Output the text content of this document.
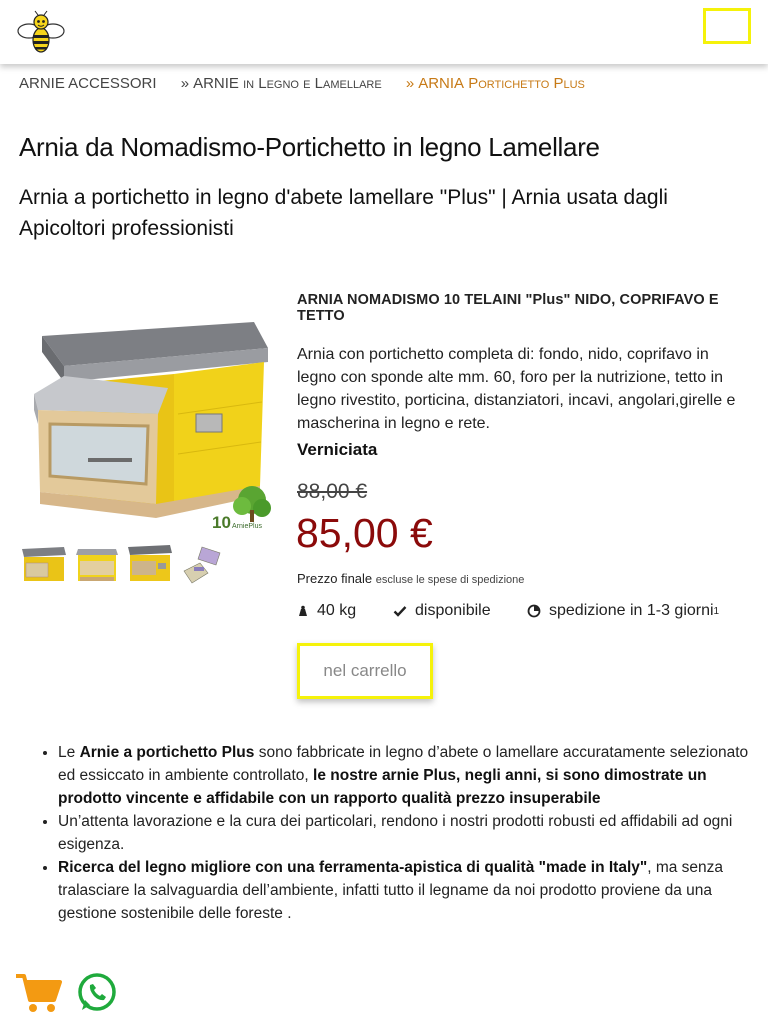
ARNIE ACCESSORI » ARNIE in Legno e Lamellare » ARNIA Portichetto Plus
Arnia da Nomadismo-Portichetto in legno Lamellare
Arnia a portichetto in legno d'abete lamellare "Plus" | Arnia usata dagli Apicoltori professionisti
10 ArniePlus
ARNIA NOMADISMO 10 TELAINI "Plus" NIDO, COPRIFAVO E TETTO

Arnia con portichetto completa di: fondo, nido, coprifavo in legno con sponde alte mm. 60, foro per la nutrizione, tetto in legno rivestito, porticina, distanziatori, incavi, angolari,girelle e mascherina in legno e rete.

Verniciata
88,00 €
85,00 €
Prezzo finale escluse le spese di spedizione
40 kg	disponibile	spedizione in 1-3 giorni 1
nel carrello
• Le Arnie a portichetto Plus sono fabbricate in legno d’abete o lamellare accuratamente selezionato ed essiccato in ambiente controllato, le nostre arnie Plus, negli anni, si sono dimostrate un prodotto vincente e affidabile con un rapporto qualità prezzo insuperabile
• Un’attenta lavorazione e la cura dei particolari, rendono i nostri prodotti robusti ed affidabili ad ogni esigenza.
• Ricerca del legno migliore con una ferramenta-apistica di qualità "made in Italy", ma senza tralasciare la salvaguardia dell’ambiente, infatti tutto il legname da noi prodotto proviene da una gestione sostenibile delle foreste .
